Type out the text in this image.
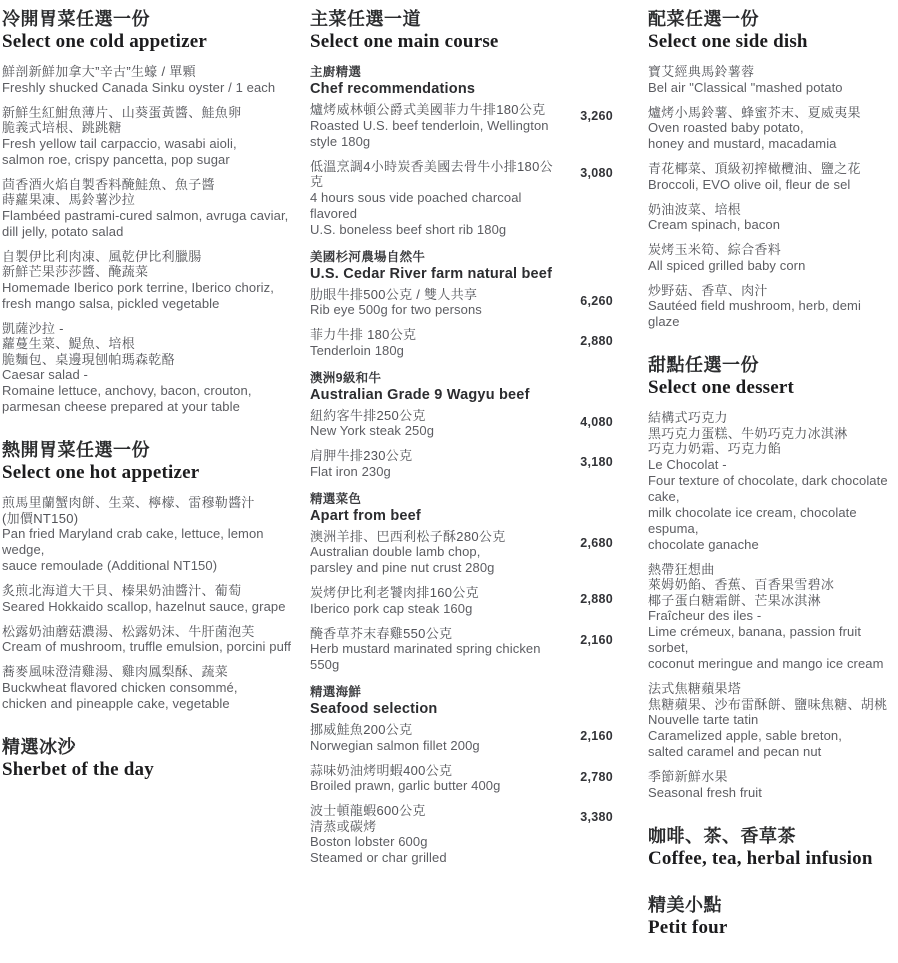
冷開胃菜任選一份
Select one cold appetizer
鮮剖新鮮加拿大”辛古”生蠔 / 單顆
Freshly shucked Canada Sinku oyster / 1 each
新鮮生紅魽魚薄片、山葵蛋黃醬、鮭魚卵
脆義式培根、跳跳糖
Fresh yellow tail carpaccio, wasabi aioli,
salmon roe, crispy pancetta, pop sugar
茴香酒火焰自製香料醃鮭魚、魚子醬
蒔蘿果凍、馬鈴薯沙拉
Flambéed pastrami-cured salmon, avruga caviar,
dill jelly, potato salad
自製伊比利肉凍、風乾伊比利臘腸
新鮮芒果莎莎醬、醃蔬菜
Homemade Iberico pork terrine, Iberico choriz,
fresh mango salsa, pickled vegetable
凱薩沙拉 -
蘿蔓生菜、鯷魚、培根
脆麵包、桌邊現刨帕瑪森乾酪
Caesar salad -
Romaine lettuce, anchovy, bacon, crouton,
parmesan cheese prepared at your table
熱開胃菜任選一份
Select one hot appetizer
煎馬里蘭蟹肉餅、生菜、檸檬、雷穆勒醬汁
(加價NT150)
Pan fried Maryland crab cake, lettuce, lemon wedge,
sauce remoulade (Additional NT150)
炙煎北海道大干貝、榛果奶油醬汁、葡萄
Seared Hokkaido scallop, hazelnut sauce, grape
松露奶油蘑菇濃湯、松露奶沫、牛肝菌泡芙
Cream of mushroom, truffle emulsion, porcini puff
蕎麥風味澄清雞湯、雞肉鳳梨酥、蔬菜
Buckwheat flavored chicken consommé,
chicken and pineapple cake, vegetable
精選冰沙
Sherbet of the day
主菜任選一道
Select one main course
主廚精選
Chef recommendations
爐烤威林頓公爵式美國菲力牛排180公克
Roasted U.S. beef tenderloin, Wellington style 180g
3,260
低溫烹調4小時炭香美國去骨牛小排180公克
4 hours sous vide poached charcoal flavored
U.S. boneless beef short rib 180g
3,080
美國杉河農場自然牛
U.S. Cedar River farm natural beef
肋眼牛排500公克 / 雙人共享
Rib eye 500g for two persons
6,260
菲力牛排 180公克
Tenderloin 180g
2,880
澳洲9級和牛
Australian Grade 9 Wagyu beef
紐約客牛排250公克
New York steak 250g
4,080
肩胛牛排230公克
Flat iron 230g
3,180
精選菜色
Apart from beef
澳洲羊排、巴西利松子酥280公克
Australian double lamb chop,
parsley and pine nut crust 280g
2,680
炭烤伊比利老饕肉排160公克
Iberico pork cap steak 160g
2,880
醃香草芥末春雞550公克
Herb mustard marinated spring chicken 550g
2,160
精選海鮮
Seafood selection
挪威鮭魚200公克
Norwegian salmon fillet 200g
2,160
蒜味奶油烤明蝦400公克
Broiled prawn, garlic butter 400g
2,780
波士頓龍蝦600公克
清蒸或碳烤
Boston lobster 600g
Steamed or char grilled
3,380
配菜任選一份
Select one side dish
寶艾經典馬鈴薯蓉
Bel air "Classical "mashed potato
爐烤小馬鈴薯、蜂蜜芥末、夏威夷果
Oven roasted baby potato,
honey and mustard, macadamia
青花椰菜、頂級初搾橄欖油、鹽之花
Broccoli, EVO olive oil, fleur de sel
奶油波菜、培根
Cream spinach, bacon
炭烤玉米筍、綜合香料
All spiced grilled baby corn
炒野菇、香草、肉汁
Sautéed field mushroom, herb, demi glaze
甜點任選一份
Select one dessert
結構式巧克力
黑巧克力蛋糕、牛奶巧克力冰淇淋
巧克力奶霜、巧克力餡
Le Chocolat -
Four texture of chocolate, dark chocolate cake,
milk chocolate ice cream, chocolate espuma,
chocolate ganache
熱帶狂想曲
萊姆奶餡、香蕉、百香果雪碧冰
椰子蛋白糖霜餅、芒果冰淇淋
Fraîcheur des iles -
Lime crémeux, banana, passion fruit sorbet,
coconut meringue and mango ice cream
法式焦糖蘋果塔
焦糖蘋果、沙布雷酥餅、鹽味焦糖、胡桃
Nouvelle tarte tatin
Caramelized apple, sable breton,
salted caramel and pecan nut
季節新鮮水果
Seasonal fresh fruit
咖啡、茶、香草茶
Coffee, tea, herbal infusion
精美小點
Petit four
